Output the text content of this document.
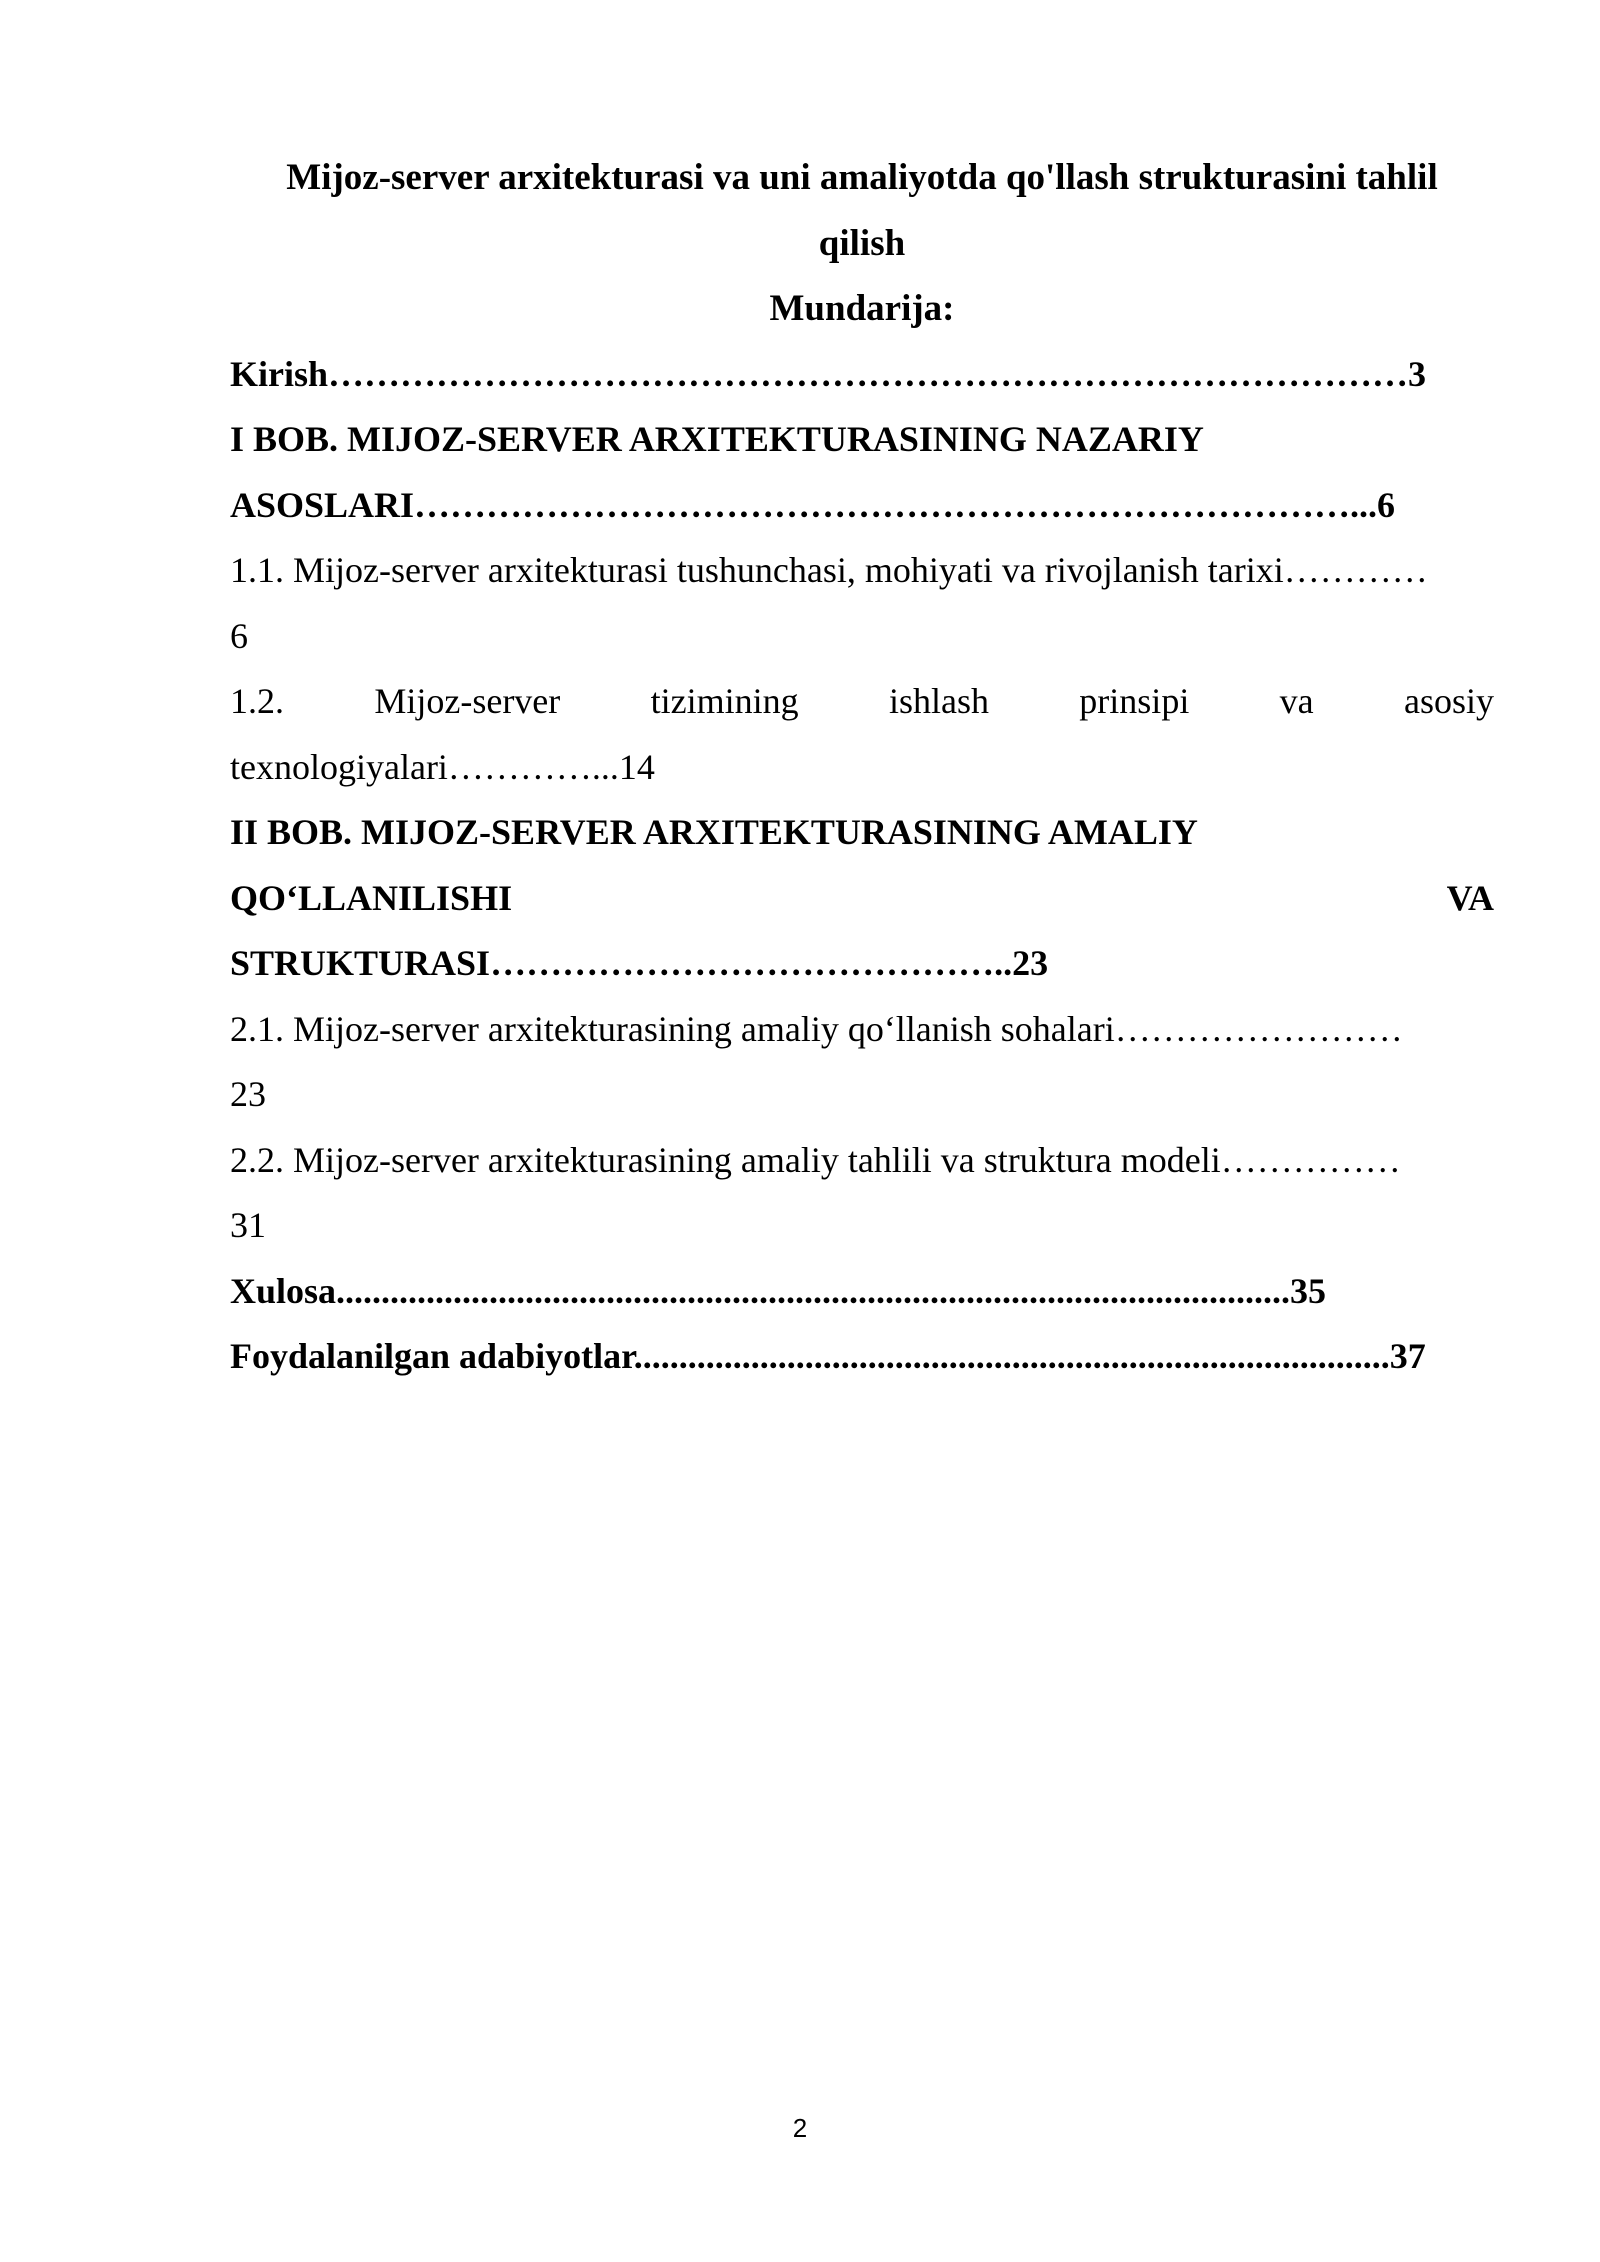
Mijoz-server arxitekturasi va uni amaliyotda qo'llash strukturasini tahlil qilish

Mundarija:

Kirish………………………………………………………………………………3

I BOB. MIJOZ-SERVER ARXITEKTURASINING NAZARIY

ASOSLARI……………………………………………………………………...6

1.1. Mijoz-server arxitekturasi tushunchasi, mohiyati va rivojlanish tarixi…………

6

1.2. Mijoz-server tizimining ishlash prinsipi va asosiy

texnologiyalari…………...14

II BOB. MIJOZ-SERVER ARXITEKTURASINING AMALIY

QO‘LLANILISHI VA

STRUKTURASI……………………………………..23

2.1. Mijoz-server arxitekturasining amaliy qo‘llanish sohalari……………………

23

2.2. Mijoz-server arxitekturasining amaliy tahlili va struktura modeli……………

31

Xulosa..........................................................................................................35

Foydalanilgan adabiyotlar....................................................................................37

2
